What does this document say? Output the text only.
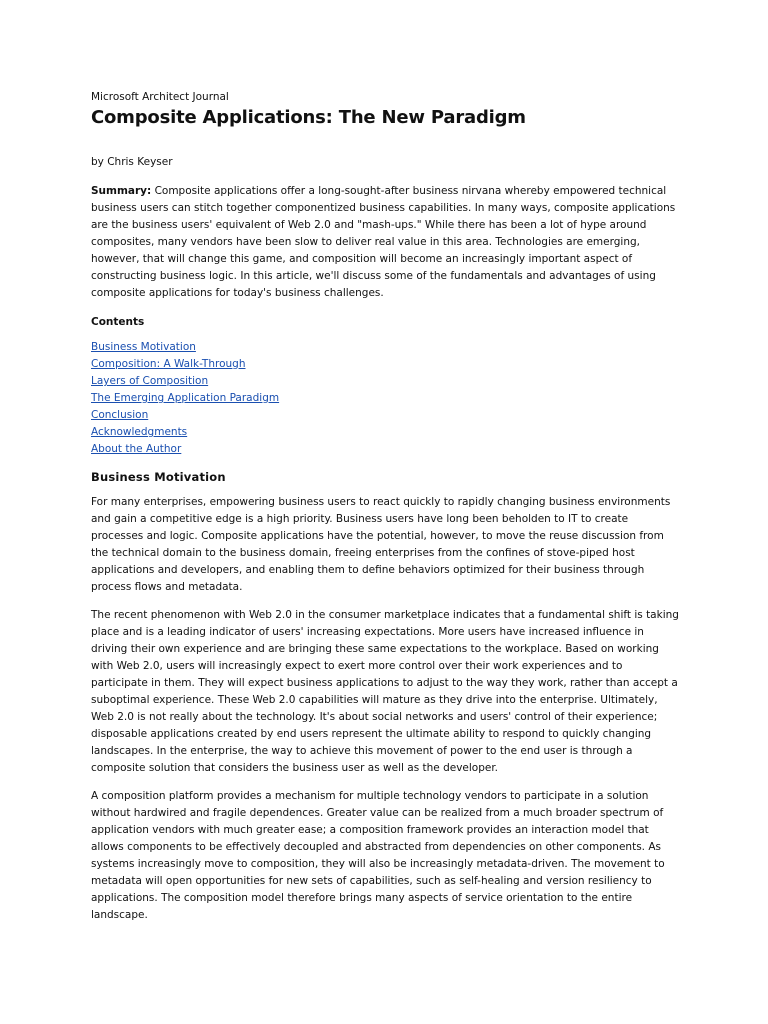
Microsoft Architect Journal
Composite Applications: The New Paradigm
by Chris Keyser

Summary: Composite applications offer a long-sought-after business nirvana whereby empowered technical business users can stitch together componentized business capabilities. In many ways, composite applications are the business users' equivalent of Web 2.0 and "mash-ups." While there has been a lot of hype around composites, many vendors have been slow to deliver real value in this area. Technologies are emerging, however, that will change this game, and composition will become an increasingly important aspect of constructing business logic. In this article, we'll discuss some of the fundamentals and advantages of using composite applications for today's business challenges.

Contents
Business Motivation
Composition: A Walk-Through
Layers of Composition
The Emerging Application Paradigm
Conclusion
Acknowledgments
About the Author
Business Motivation

For many enterprises, empowering business users to react quickly to rapidly changing business environments and gain a competitive edge is a high priority. Business users have long been beholden to IT to create processes and logic. Composite applications have the potential, however, to move the reuse discussion from the technical domain to the business domain, freeing enterprises from the confines of stove-piped host applications and developers, and enabling them to define behaviors optimized for their business through process flows and metadata.

The recent phenomenon with Web 2.0 in the consumer marketplace indicates that a fundamental shift is taking place and is a leading indicator of users' increasing expectations. More users have increased influence in driving their own experience and are bringing these same expectations to the workplace. Based on working with Web 2.0, users will increasingly expect to exert more control over their work experiences and to participate in them. They will expect business applications to adjust to the way they work, rather than accept a suboptimal experience. These Web 2.0 capabilities will mature as they drive into the enterprise. Ultimately, Web 2.0 is not really about the technology. It's about social networks and users' control of their experience; disposable applications created by end users represent the ultimate ability to respond to quickly changing landscapes. In the enterprise, the way to achieve this movement of power to the end user is through a composite solution that considers the business user as well as the developer.

A composition platform provides a mechanism for multiple technology vendors to participate in a solution without hardwired and fragile dependences. Greater value can be realized from a much broader spectrum of application vendors with much greater ease; a composition framework provides an interaction model that allows components to be effectively decoupled and abstracted from dependencies on other components. As systems increasingly move to composition, they will also be increasingly metadata-driven. The movement to metadata will open opportunities for new sets of capabilities, such as self-healing and version resiliency to applications. The composition model therefore brings many aspects of service orientation to the entire landscape.
